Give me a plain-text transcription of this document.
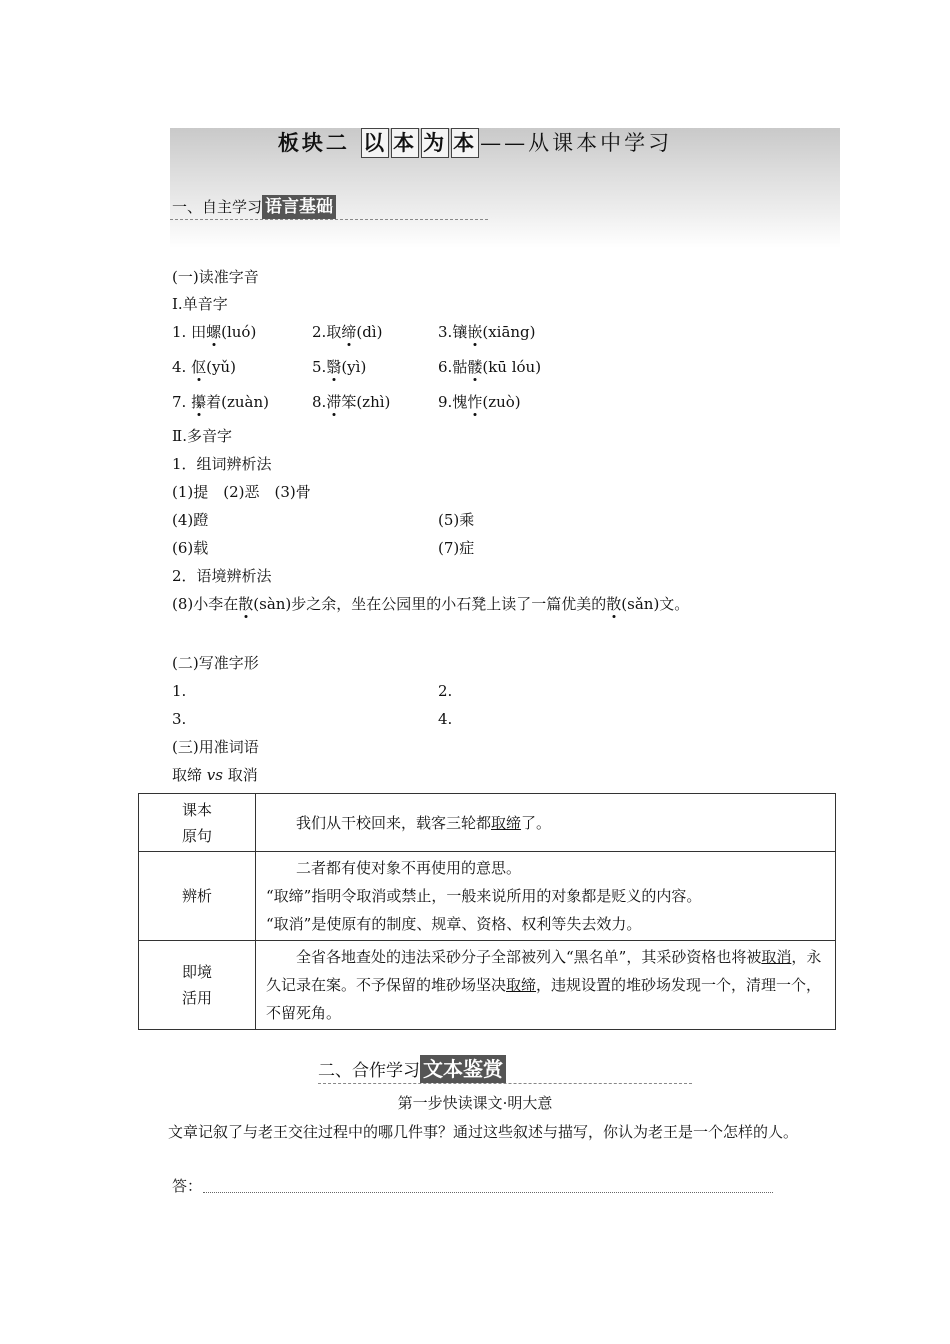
板块二 以 本 为 本 ——从课本中学习
一、自主学习 语言基础
(一)读准字音
Ⅰ.单音字
1. 田螺(luó)	2.取缔(dì)	3.镶嵌(xiāng)
4. 伛(yǔ)	5.翳(yì)	6.骷髅(kū lóu)
7. 攥着(zuàn)	8.滞笨(zhì)	9.愧怍(zuò)
Ⅱ.多音字
1．组词辨析法
(1)提　(2)恶　(3)骨
(4)蹬	(5)乘
(6)载	(7)症
2．语境辨析法
(8)小李在散(sàn)步之余，坐在公园里的小石凳上读了一篇优美的散(sǎn)文。
(二)写准字形
1.	2.
3.	4.
(三)用准词语
取缔 vs 取消
课本
原句	我们从干校回来，载客三轮都取缔了。

辨析	二者都有使对象不再使用的意思。
“取缔”指明令取消或禁止，一般来说所用的对象都是贬义的内容。
“取消”是使原有的制度、规章、资格、权利等失去效力。

即境
活用	全省各地查处的违法采砂分子全部被列入“黑名单”，其采砂资格也将被取消，永久记录在案。不予保留的堆砂场坚决取缔，违规设置的堆砂场发现一个，清理一个，不留死角。
二、合作学习 文本鉴赏
第一步快读课文·明大意
文章记叙了与老王交往过程中的哪几件事？通过这些叙述与描写，你认为老王是一个怎样的人。
答：
